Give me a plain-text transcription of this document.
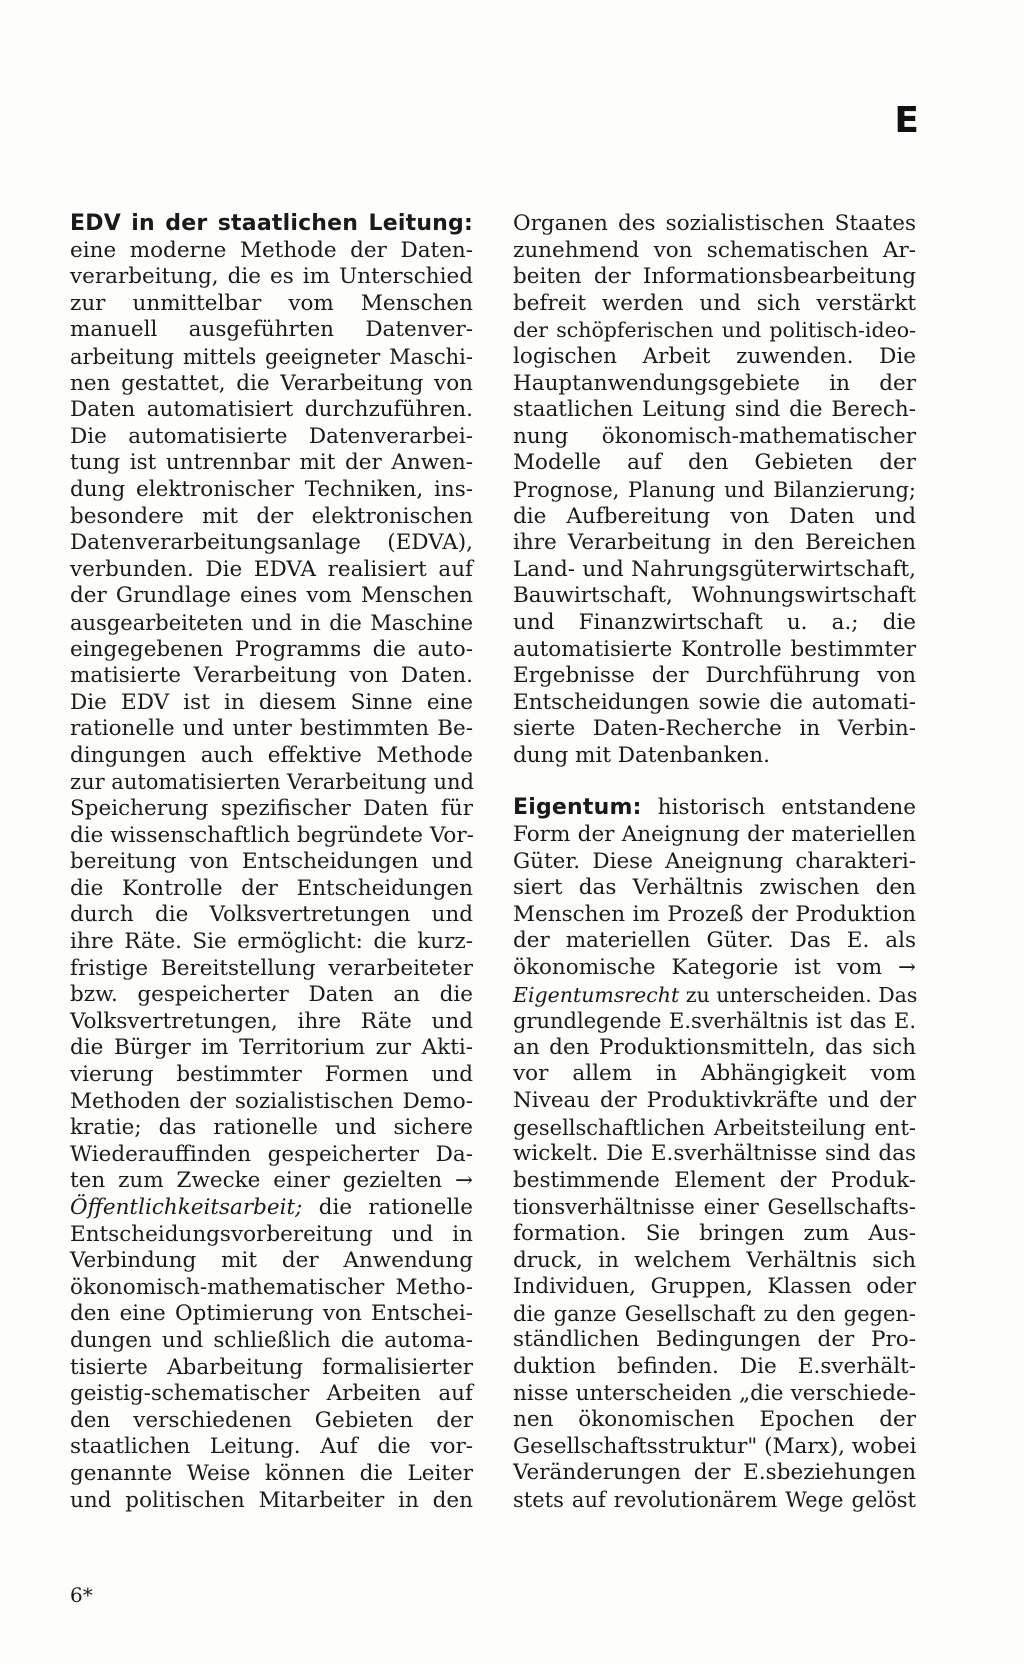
E
EDV in der staatlichen Leitung:
eine moderne Methode der Daten-
verarbeitung, die es im Unterschied
zur unmittelbar vom Menschen
manuell ausgeführten Datenver-
arbeitung mittels geeigneter Maschi-
nen gestattet, die Verarbeitung von
Daten automatisiert durchzuführen.
Die automatisierte Datenverarbei-
tung ist untrennbar mit der Anwen-
dung elektronischer Techniken, ins-
besondere mit der elektronischen
Datenverarbeitungsanlage (EDVA),
verbunden. Die EDVA realisiert auf
der Grundlage eines vom Menschen
ausgearbeiteten und in die Maschine
eingegebenen Programms die auto-
matisierte Verarbeitung von Daten.
Die EDV ist in diesem Sinne eine
rationelle und unter bestimmten Be-
dingungen auch effektive Methode
zur automatisierten Verarbeitung und
Speicherung spezifischer Daten für
die wissenschaftlich begründete Vor-
bereitung von Entscheidungen und
die Kontrolle der Entscheidungen
durch die Volksvertretungen und
ihre Räte. Sie ermöglicht: die kurz-
fristige Bereitstellung verarbeiteter
bzw. gespeicherter Daten an die
Volksvertretungen, ihre Räte und
die Bürger im Territorium zur Akti-
vierung bestimmter Formen und
Methoden der sozialistischen Demo-
kratie; das rationelle und sichere
Wiederauffinden gespeicherter Da-
ten zum Zwecke einer gezielten →
Öffentlichkeitsarbeit; die rationelle
Entscheidungsvorbereitung und in
Verbindung mit der Anwendung
ökonomisch-mathematischer Metho-
den eine Optimierung von Entschei-
dungen und schließlich die automa-
tisierte Abarbeitung formalisierter
geistig-schematischer Arbeiten auf
den verschiedenen Gebieten der
staatlichen Leitung. Auf die vor-
genannte Weise können die Leiter
und politischen Mitarbeiter in den
Organen des sozialistischen Staates
zunehmend von schematischen Ar-
beiten der Informationsbearbeitung
befreit werden und sich verstärkt
der schöpferischen und politisch-ideo-
logischen Arbeit zuwenden. Die
Hauptanwendungsgebiete in der
staatlichen Leitung sind die Berech-
nung ökonomisch-mathematischer
Modelle auf den Gebieten der
Prognose, Planung und Bilanzierung;
die Aufbereitung von Daten und
ihre Verarbeitung in den Bereichen
Land- und Nahrungsgüterwirtschaft,
Bauwirtschaft, Wohnungswirtschaft
und Finanzwirtschaft u. a.; die
automatisierte Kontrolle bestimmter
Ergebnisse der Durchführung von
Entscheidungen sowie die automati-
sierte Daten-Recherche in Verbin-
dung mit Datenbanken.
Eigentum: historisch entstandene
Form der Aneignung der materiellen
Güter. Diese Aneignung charakteri-
siert das Verhältnis zwischen den
Menschen im Prozeß der Produktion
der materiellen Güter. Das E. als
ökonomische Kategorie ist vom →
Eigentumsrecht zu unterscheiden. Das
grundlegende E.sverhältnis ist das E.
an den Produktionsmitteln, das sich
vor allem in Abhängigkeit vom
Niveau der Produktivkräfte und der
gesellschaftlichen Arbeitsteilung ent-
wickelt. Die E.sverhältnisse sind das
bestimmende Element der Produk-
tionsverhältnisse einer Gesellschafts-
formation. Sie bringen zum Aus-
druck, in welchem Verhältnis sich
Individuen, Gruppen, Klassen oder
die ganze Gesellschaft zu den gegen-
ständlichen Bedingungen der Pro-
duktion befinden. Die E.sverhält-
nisse unterscheiden „die verschiede-
nen ökonomischen Epochen der
Gesellschaftsstruktur" (Marx), wobei
Veränderungen der E.sbeziehungen
stets auf revolutionärem Wege gelöst
6*
